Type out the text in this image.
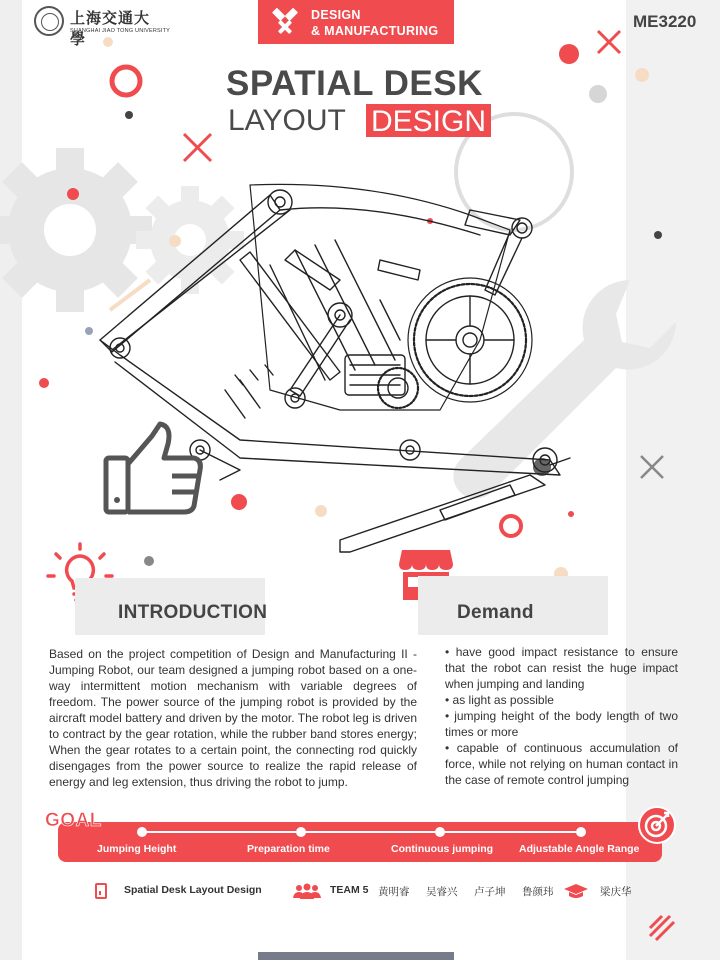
上海交通大學
SHANGHAI JIAO TONG UNIVERSITY
DESIGN
& MANUFACTURING	ME3220
SPATIAL DESK
LAYOUT DESIGN
INTRODUCTION	Demand
Based on the project competition of Design and Manufacturing II - Jumping Robot, our team designed a jumping robot based on a one-way intermittent motion mechanism with variable degrees of freedom. The power source of the jumping robot is provided by the aircraft model battery and driven by the motor. The robot leg is driven to contract by the gear rotation, while the rubber band stores energy; When the gear rotates to a certain point, the connecting rod quickly disengages from the power source to realize the rapid release of energy and leg extension, thus driving the robot to jump.
• have good impact resistance to ensure that the robot can resist the huge impact when jumping and landing
• as light as possible
• jumping height of the body length of two times or more
• capable of continuous accumulation of force, while not relying on human contact in the case of remote control jumping
GOAL
Jumping Height	Preparation time	Continuous jumping Adjustable Angle Range
Spatial Desk Layout Design	TEAM 5 黄明睿 吴睿兴 卢子坤 鲁颜玮	梁庆华
